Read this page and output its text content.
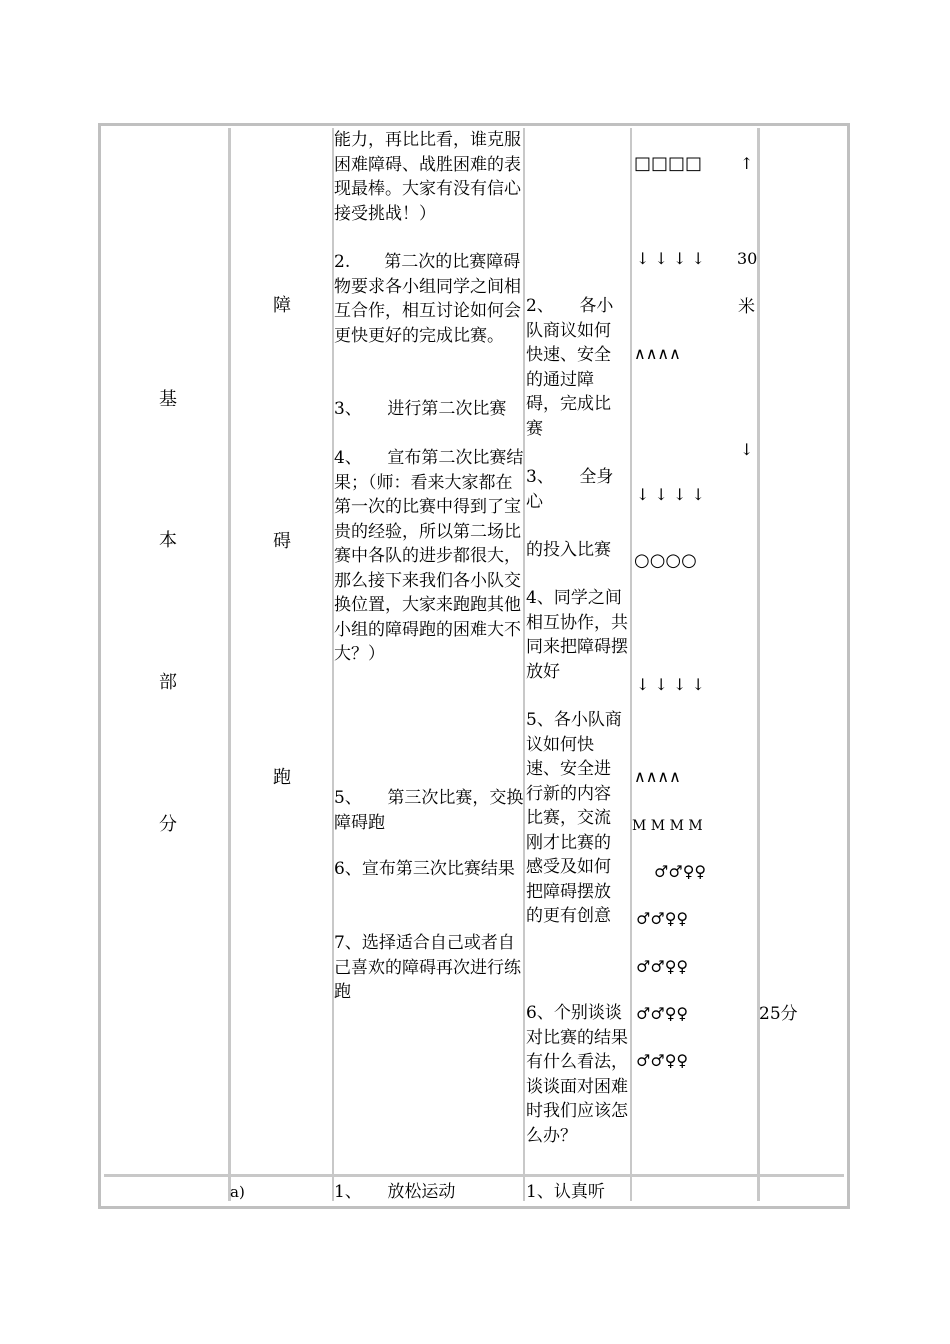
基
本
部
分
障
碍
跑

能力，再比比看，谁克服困难障碍、战胜困难的表现最棒。大家有没有信心接受挑战！）

2.　　第二次的比赛障碍物要求各小组同学之间相互合作，相互讨论如何会更快更好的完成比赛。

3、　　进行第二次比赛

4、　　宣布第二次比赛结果；（师：看来大家都在第一次的比赛中得到了宝贵的经验，所以第二场比赛中各队的进步都很大，那么接下来我们各小队交换位置，大家来跑跑其他小组的障碍跑的困难大不大？）

5、　　第三次比赛，交换障碍跑

6、宣布第三次比赛结果

7、选择适合自己或者自己喜欢的障碍再次进行练跑

2、　　各小队商议如何快速、安全的通过障碍，完成比赛

3、　　全身心

的投入比赛

4、同学之间相互协作，共同来把障碍摆放好

5、各小队商议如何快速、安全进行新的内容比赛，交流刚才比赛的感受及如何把障碍摆放的更有创意

6、个别谈谈对比赛的结果有什么看法，谈谈面对困难时我们应该怎么办？

□□□□ ↑
↓ ↓ ↓ ↓ 30
米
∧∧∧∧
↓
↓ ↓ ↓ ↓
○○○○
↓ ↓ ↓ ↓
∧∧∧∧
M M M M
♂♂♀♀
♂♂♀♀
♂♂♀♀
♂♂♀♀
♂♂♀♀

25分

a)	1、　　放松运动	1、认真听
